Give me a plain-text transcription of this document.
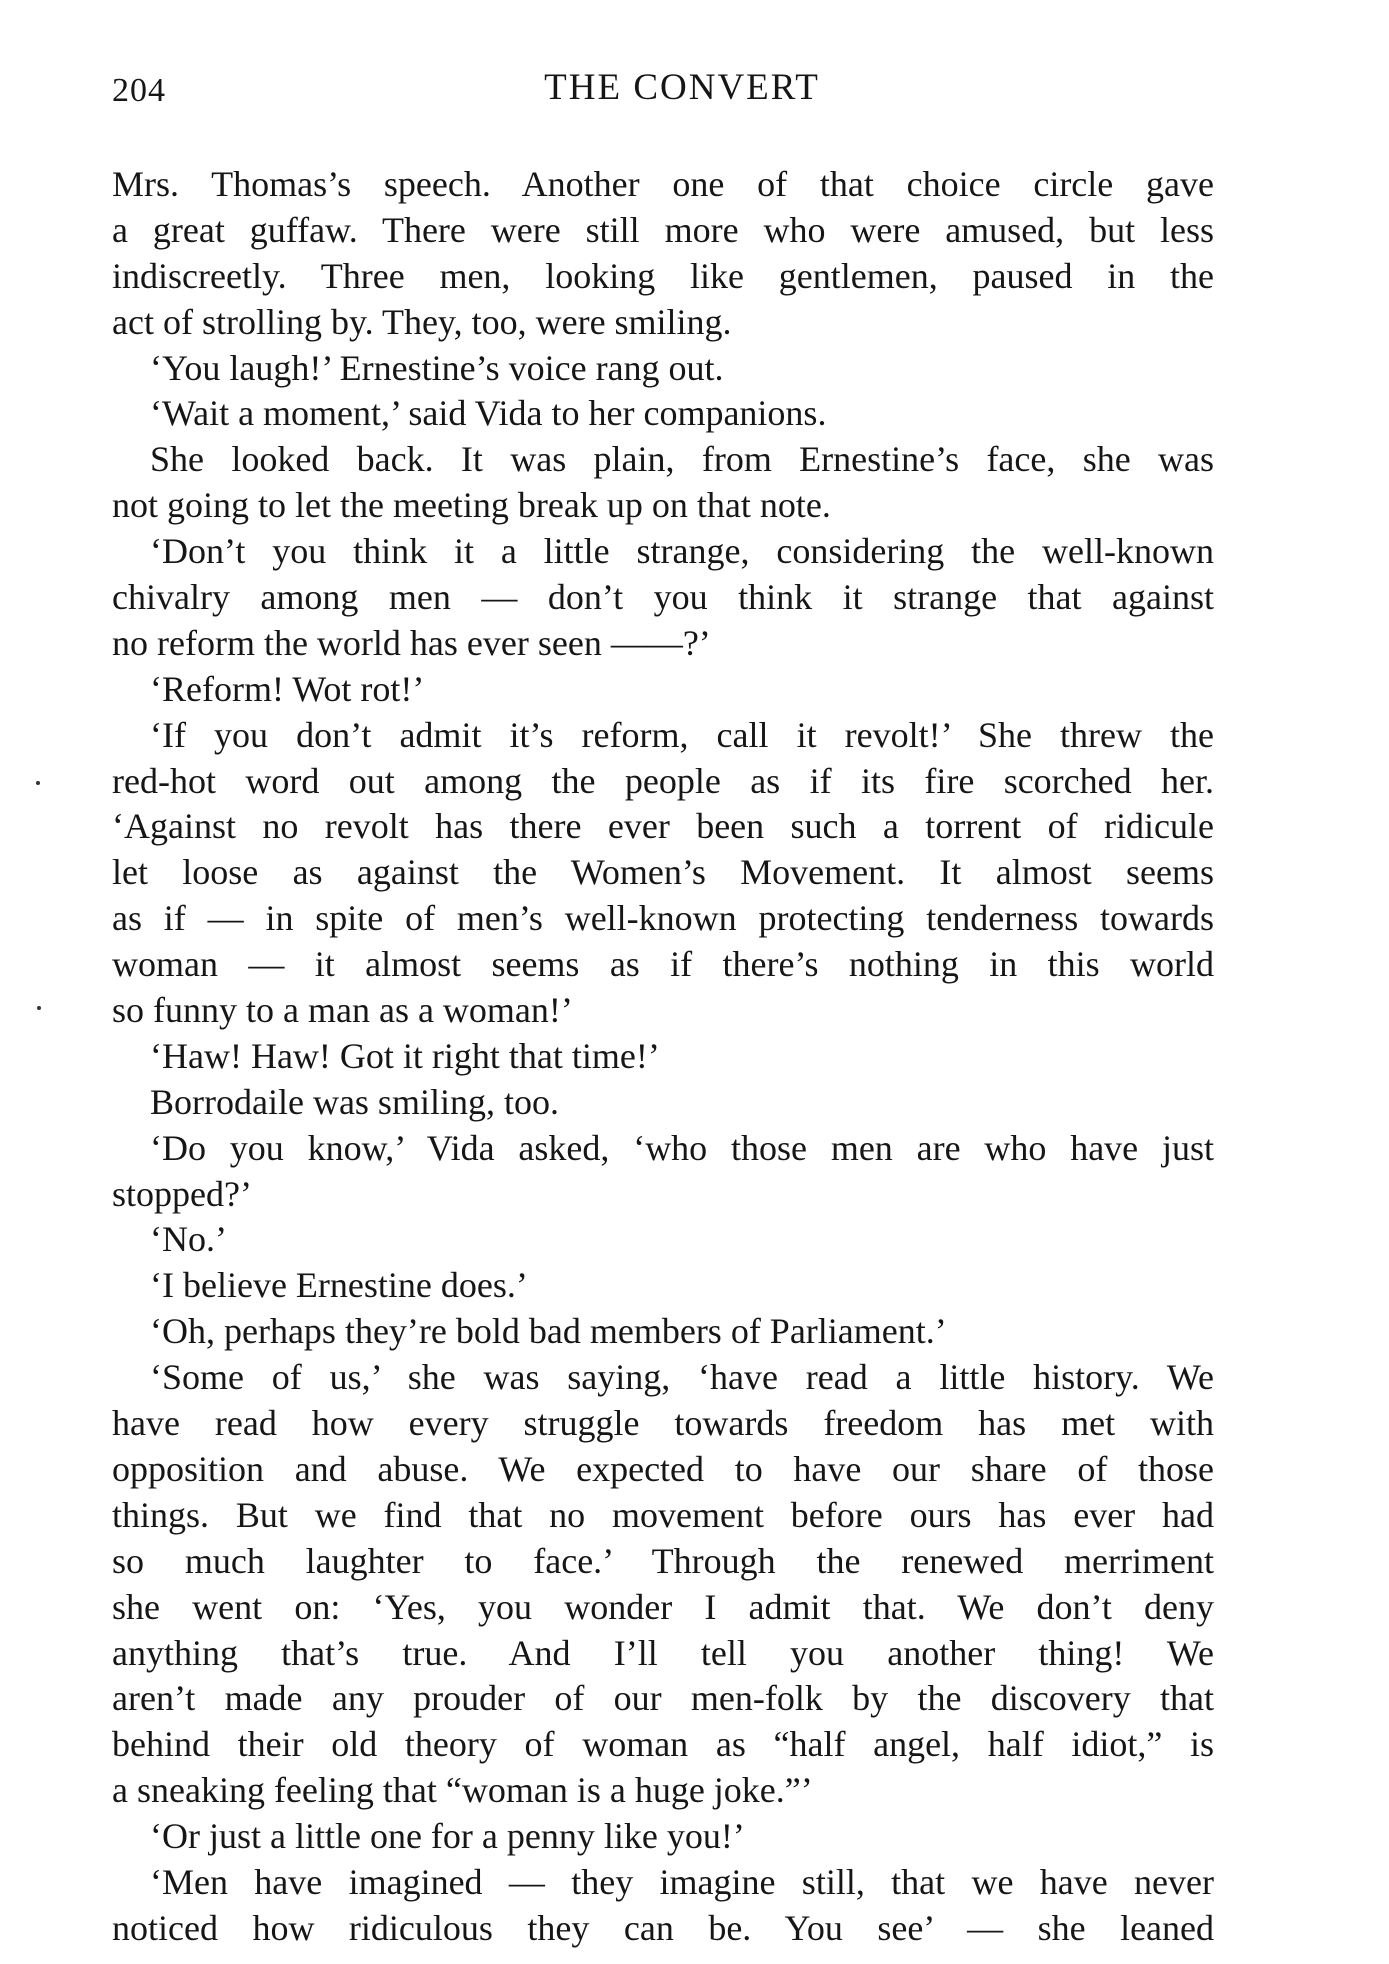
204	THE CONVERT
Mrs. Thomas’s speech. Another one of that choice circle gave
a great guffaw. There were still more who were amused, but less
indiscreetly. Three men, looking like gentlemen, paused in the
act of strolling by. They, too, were smiling.
‘You laugh!’ Ernestine’s voice rang out.
‘Wait a moment,’ said Vida to her companions.
She looked back. It was plain, from Ernestine’s face, she was
not going to let the meeting break up on that note.
‘Don’t you think it a little strange, considering the well-known
chivalry among men — don’t you think it strange that against
no reform the world has ever seen ——?’
‘Reform! Wot rot!’
‘If you don’t admit it’s reform, call it revolt!’ She threw the
red-hot word out among the people as if its fire scorched her.
‘Against no revolt has there ever been such a torrent of ridicule
let loose as against the Women’s Movement. It almost seems
as if — in spite of men’s well-known protecting tenderness towards
woman — it almost seems as if there’s nothing in this world
so funny to a man as a woman!’
‘Haw! Haw! Got it right that time!’
Borrodaile was smiling, too.
‘Do you know,’ Vida asked, ‘who those men are who have just
stopped?’
‘No.’
‘I believe Ernestine does.’
‘Oh, perhaps they’re bold bad members of Parliament.’
‘Some of us,’ she was saying, ‘have read a little history. We
have read how every struggle towards freedom has met with
opposition and abuse. We expected to have our share of those
things. But we find that no movement before ours has ever had
so much laughter to face.’ Through the renewed merriment
she went on: ‘Yes, you wonder I admit that. We don’t deny
anything that’s true. And I’ll tell you another thing! We
aren’t made any prouder of our men-folk by the discovery that
behind their old theory of woman as “half angel, half idiot,” is
a sneaking feeling that “woman is a huge joke.”’
‘Or just a little one for a penny like you!’
‘Men have imagined — they imagine still, that we have never
noticed how ridiculous they can be. You see’ — she leaned
